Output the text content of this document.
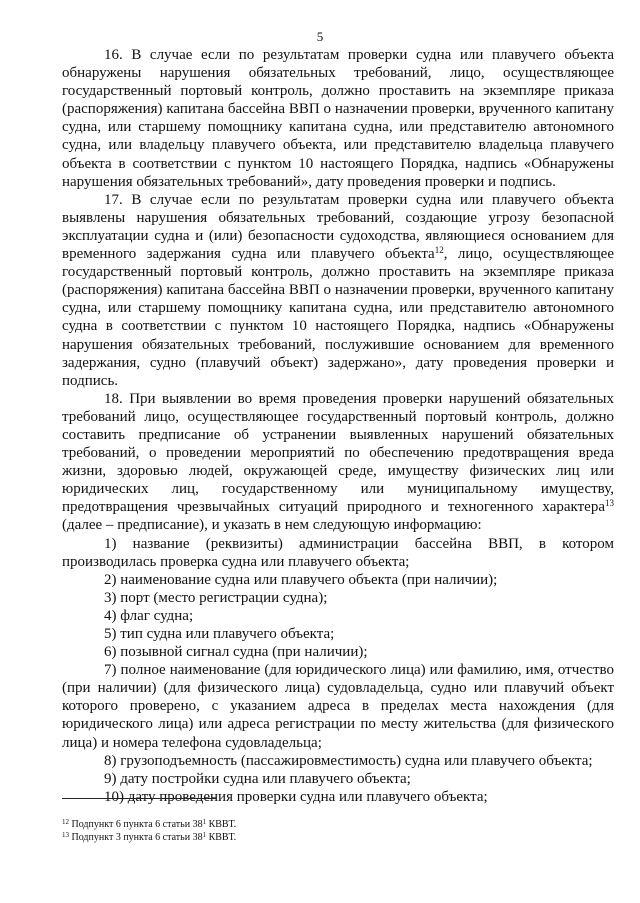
5

16. В случае если по результатам проверки судна или плавучего объекта обнаружены нарушения обязательных требований, лицо, осуществляющее государственный портовый контроль, должно проставить на экземпляре приказа (распоряжения) капитана бассейна ВВП о назначении проверки, врученного капитану судна, или старшему помощнику капитана судна, или представителю автономного судна, или владельцу плавучего объекта, или представителю владельца плавучего объекта в соответствии с пунктом 10 настоящего Порядка, надпись «Обнаружены нарушения обязательных требований», дату проведения проверки и подпись.

17. В случае если по результатам проверки судна или плавучего объекта выявлены нарушения обязательных требований, создающие угрозу безопасной эксплуатации судна и (или) безопасности судоходства, являющиеся основанием для временного задержания судна или плавучего объекта$^{12}$, лицо, осуществляющее государственный портовый контроль, должно проставить на экземпляре приказа (распоряжения) капитана бассейна ВВП о назначении проверки, врученного капитану судна, или старшему помощнику капитана судна, или представителю автономного судна в соответствии с пунктом 10 настоящего Порядка, надпись «Обнаружены нарушения обязательных требований, послужившие основанием для временного задержания, судно (плавучий объект) задержано», дату проведения проверки и подпись.

18. При выявлении во время проведения проверки нарушений обязательных требований лицо, осуществляющее государственный портовый контроль, должно составить предписание об устранении выявленных нарушений обязательных требований, о проведении мероприятий по обеспечению предотвращения вреда жизни, здоровью людей, окружающей среде, имуществу физических лиц или юридических лиц, государственному или муниципальному имуществу, предотвращения чрезвычайных ситуаций природного и техногенного характера$^{13}$ (далее – предписание), и указать в нем следующую информацию:

1) название (реквизиты) администрации бассейна ВВП, в котором производилась проверка судна или плавучего объекта;

2) наименование судна или плавучего объекта (при наличии);

3) порт (место регистрации судна);

4) флаг судна;

5) тип судна или плавучего объекта;

6) позывной сигнал судна (при наличии);

7) полное наименование (для юридического лица) или фамилию, имя, отчество (при наличии) (для физического лица) судовладельца, судно или плавучий объект которого проверено, с указанием адреса в пределах места нахождения (для юридического лица) или адреса регистрации по месту жительства (для физического лица) и номера телефона судовладельца;

8) грузоподъемность (пассажировместимость) судна или плавучего объекта;

9) дату постройки судна или плавучего объекта;

10) дату проведения проверки судна или плавучего объекта;

$^{12}$ Подпункт 6 пункта 6 статьи $38^1$ КВВТ.

$^{13}$ Подпункт 3 пункта 6 статьи $38^1$ КВВТ.
